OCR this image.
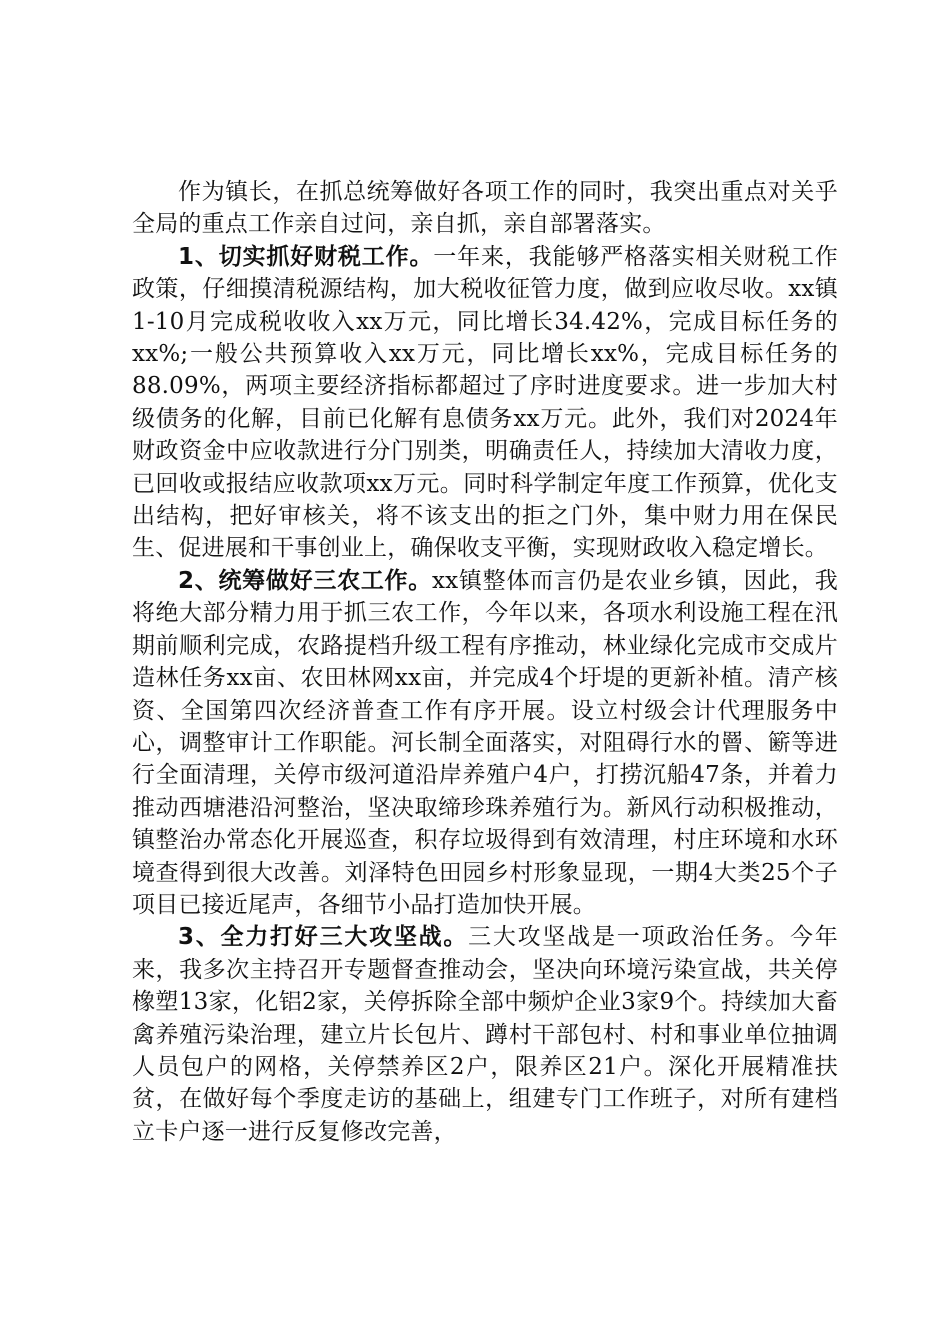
作为镇长，在抓总统筹做好各项工作的同时，我突出重点对关乎全局的重点工作亲自过问，亲自抓，亲自部署落实。

1、切实抓好财税工作。一年来，我能够严格落实相关财税工作政策，仔细摸清税源结构，加大税收征管力度，做到应收尽收。xx镇1-10月完成税收收入xx万元，同比增长34.42%，完成目标任务的xx%;一般公共预算收入xx万元，同比增长xx%，完成目标任务的88.09%，两项主要经济指标都超过了序时进度要求。进一步加大村级债务的化解，目前已化解有息债务xx万元。此外，我们对2024年财政资金中应收款进行分门别类，明确责任人，持续加大清收力度，已回收或报结应收款项xx万元。同时科学制定年度工作预算，优化支出结构，把好审核关，将不该支出的拒之门外，集中财力用在保民生、促进展和干事创业上，确保收支平衡，实现财政收入稳定增长。

2、统筹做好三农工作。xx镇整体而言仍是农业乡镇，因此，我将绝大部分精力用于抓三农工作，今年以来，各项水利设施工程在汛期前顺利完成，农路提档升级工程有序推动，林业绿化完成市交成片造林任务xx亩、农田林网xx亩，并完成4个圩堤的更新补植。清产核资、全国第四次经济普查工作有序开展。设立村级会计代理服务中心，调整审计工作职能。河长制全面落实，对阻碍行水的罾、簖等进行全面清理，关停市级河道沿岸养殖户4户，打捞沉船47条，并着力推动西塘港沿河整治，坚决取缔珍珠养殖行为。新风行动积极推动，镇整治办常态化开展巡查，积存垃圾得到有效清理，村庄环境和水环境查得到很大改善。刘泽特色田园乡村形象显现，一期4大类25个子项目已接近尾声，各细节小品打造加快开展。

3、全力打好三大攻坚战。三大攻坚战是一项政治任务。今年来，我多次主持召开专题督查推动会，坚决向环境污染宣战，共关停橡塑13家，化铝2家，关停拆除全部中频炉企业3家9个。持续加大畜禽养殖污染治理，建立片长包片、蹲村干部包村、村和事业单位抽调人员包户的网格，关停禁养区2户，限养区21户。深化开展精准扶贫，在做好每个季度走访的基础上，组建专门工作班子，对所有建档立卡户逐一进行反复修改完善，
